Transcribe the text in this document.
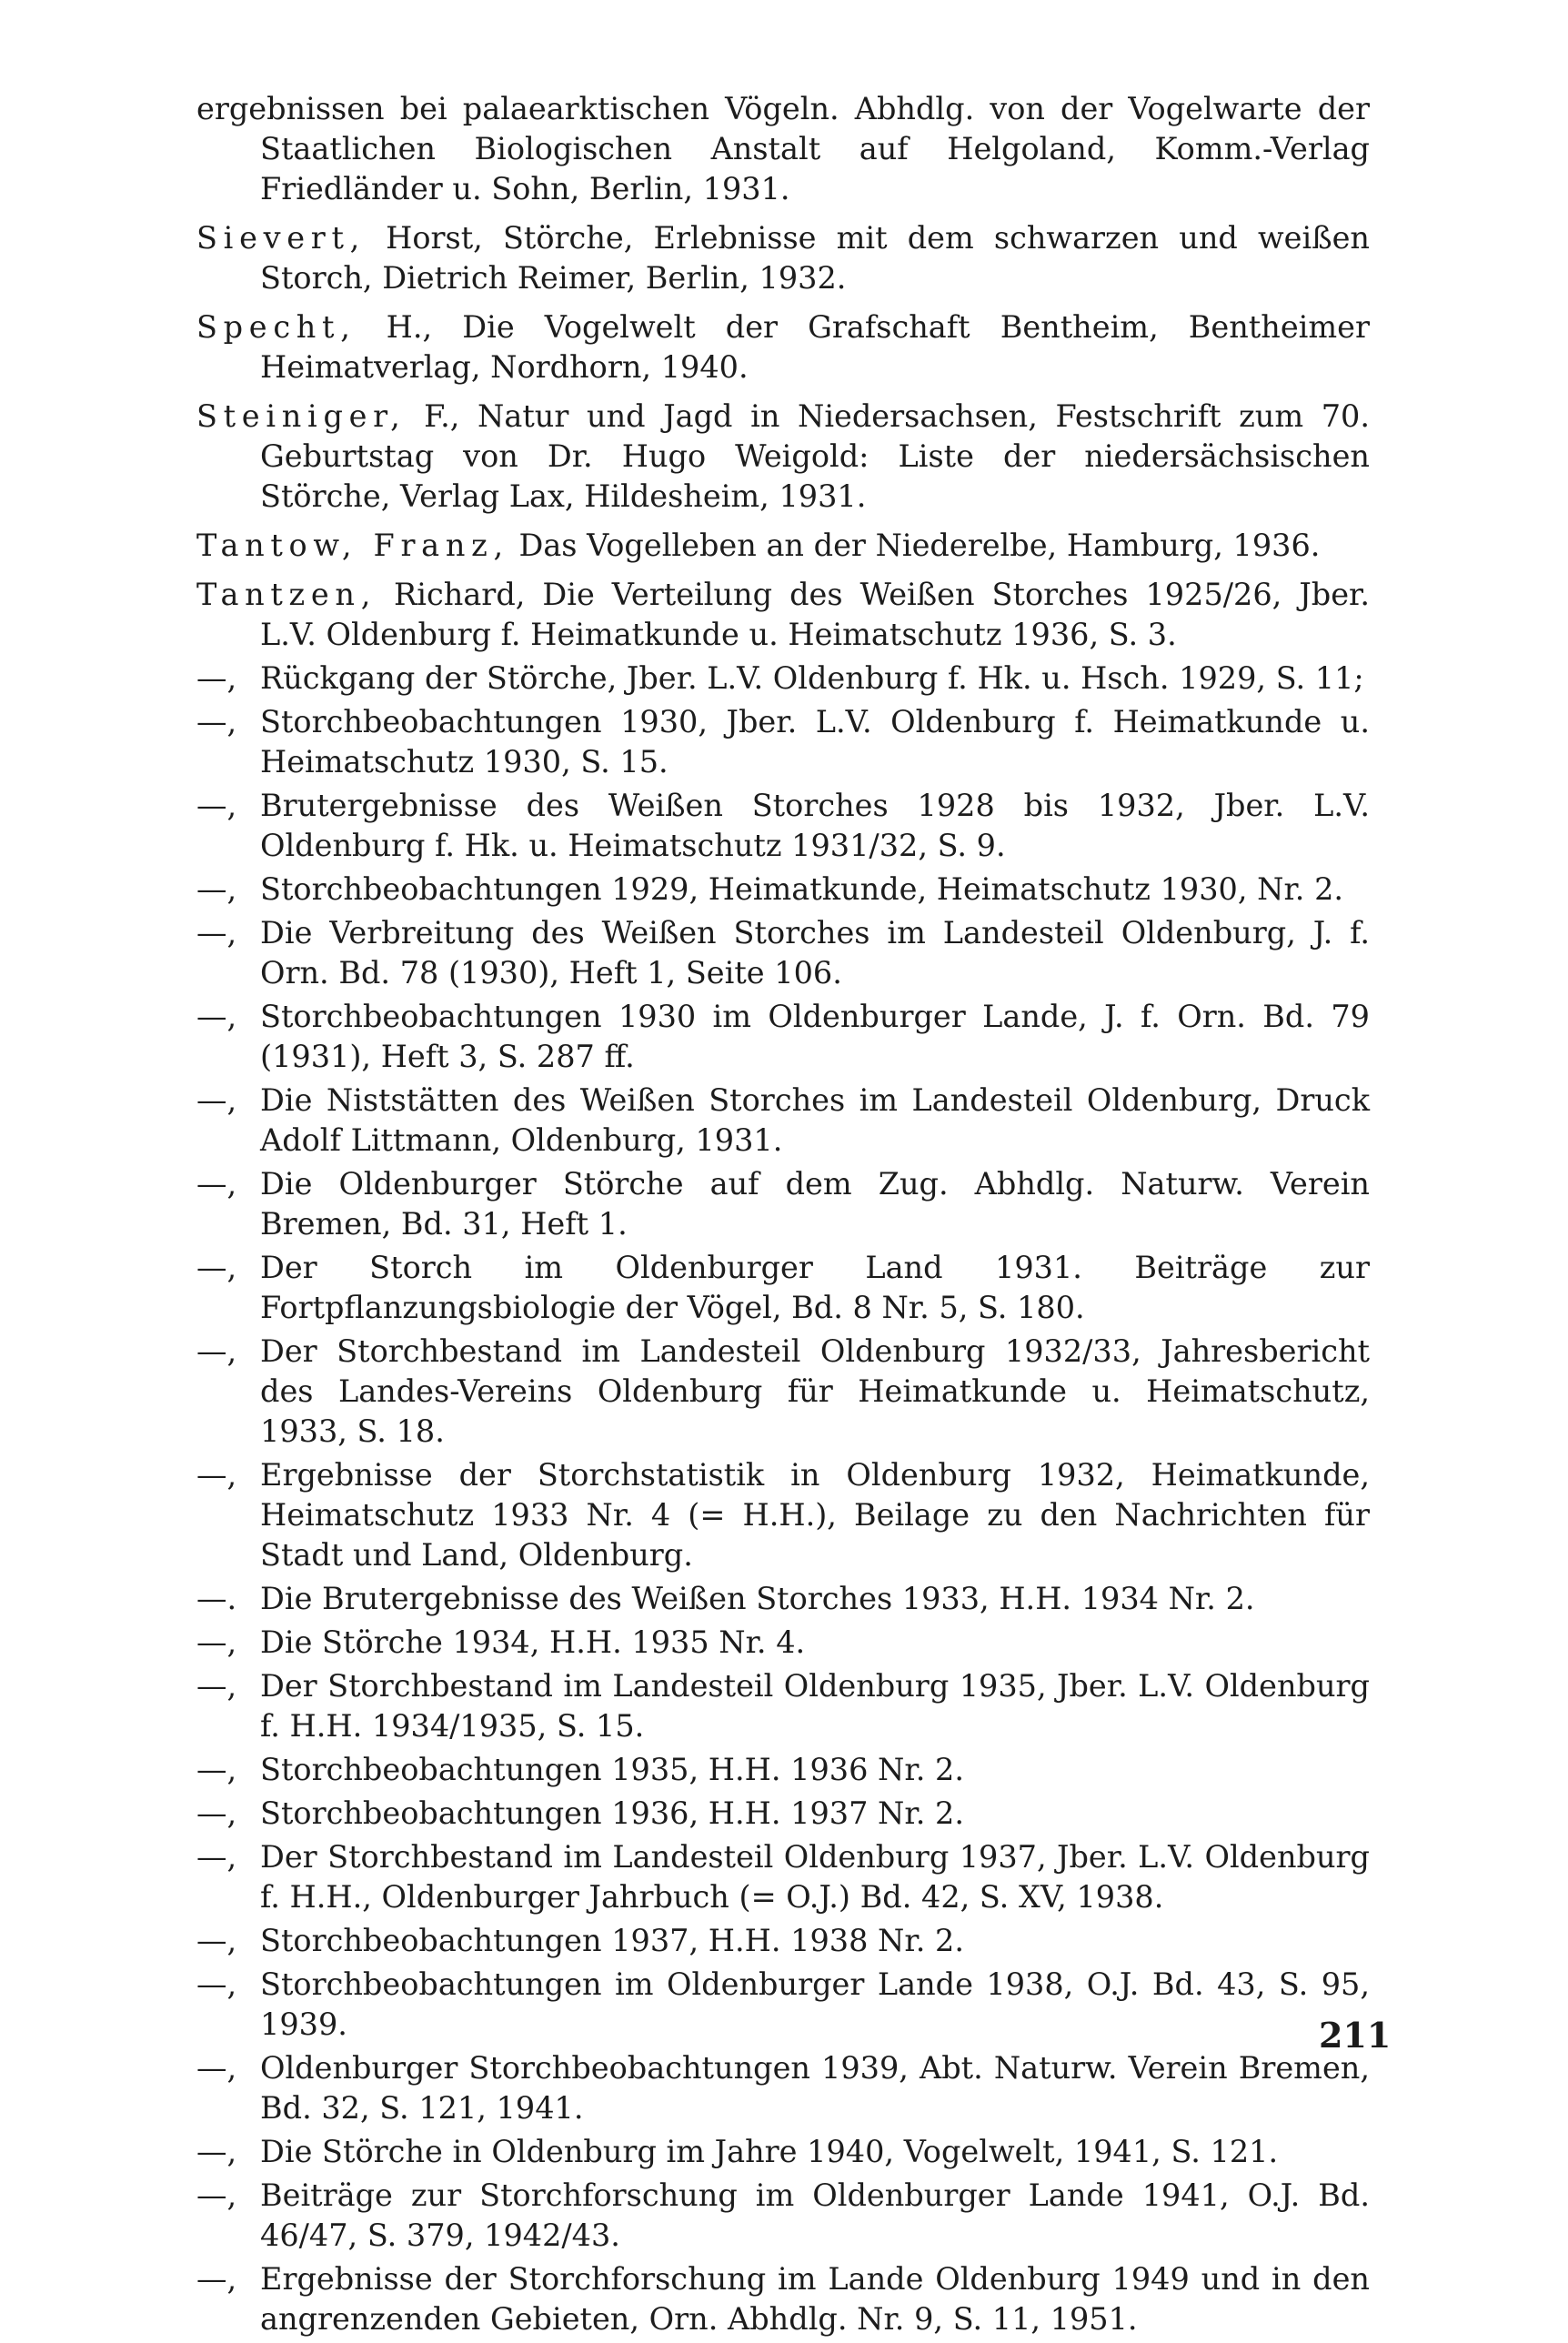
ergebnissen bei palaearktischen Vögeln. Abhdlg. von der Vogelwarte der Staatlichen Biologischen Anstalt auf Helgoland, Komm.-Verlag Friedländer u. Sohn, Berlin, 1931.

Sievert, Horst, Störche, Erlebnisse mit dem schwarzen und weißen Storch, Dietrich Reimer, Berlin, 1932.

Specht, H., Die Vogelwelt der Grafschaft Bentheim, Bentheimer Heimatverlag, Nordhorn, 1940.

Steiniger, F., Natur und Jagd in Niedersachsen, Festschrift zum 70. Geburtstag von Dr. Hugo Weigold: Liste der niedersächsischen Störche, Verlag Lax, Hildesheim, 1931.

Tantow, Franz, Das Vogelleben an der Niederelbe, Hamburg, 1936.

Tantzen, Richard, Die Verteilung des Weißen Storches 1925/26, Jber. L.V. Oldenburg f. Heimatkunde u. Heimatschutz 1936, S. 3.

—, Rückgang der Störche, Jber. L.V. Oldenburg f. Hk. u. Hsch. 1929, S. 11;

—, Storchbeobachtungen 1930, Jber. L.V. Oldenburg f. Heimatkunde u. Heimatschutz 1930, S. 15.

—, Brutergebnisse des Weißen Storches 1928 bis 1932, Jber. L.V. Oldenburg f. Hk. u. Heimatschutz 1931/32, S. 9.

—, Storchbeobachtungen 1929, Heimatkunde, Heimatschutz 1930, Nr. 2.

—, Die Verbreitung des Weißen Storches im Landesteil Oldenburg, J. f. Orn. Bd. 78 (1930), Heft 1, Seite 106.

—, Storchbeobachtungen 1930 im Oldenburger Lande, J. f. Orn. Bd. 79 (1931), Heft 3, S. 287 ff.

—, Die Niststätten des Weißen Storches im Landesteil Oldenburg, Druck Adolf Littmann, Oldenburg, 1931.

—, Die Oldenburger Störche auf dem Zug. Abhdlg. Naturw. Verein Bremen, Bd. 31, Heft 1.

—, Der Storch im Oldenburger Land 1931. Beiträge zur Fortpflanzungsbiologie der Vögel, Bd. 8 Nr. 5, S. 180.

—, Der Storchbestand im Landesteil Oldenburg 1932/33, Jahresbericht des Landes-Vereins Oldenburg für Heimatkunde u. Heimatschutz, 1933, S. 18.

—, Ergebnisse der Storchstatistik in Oldenburg 1932, Heimatkunde, Heimatschutz 1933 Nr. 4 (= H.H.), Beilage zu den Nachrichten für Stadt und Land, Oldenburg.

—. Die Brutergebnisse des Weißen Storches 1933, H.H. 1934 Nr. 2.

—, Die Störche 1934, H.H. 1935 Nr. 4.

—, Der Storchbestand im Landesteil Oldenburg 1935, Jber. L.V. Oldenburg f. H.H. 1934/1935, S. 15.

—, Storchbeobachtungen 1935, H.H. 1936 Nr. 2.

—, Storchbeobachtungen 1936, H.H. 1937 Nr. 2.

—, Der Storchbestand im Landesteil Oldenburg 1937, Jber. L.V. Oldenburg f. H.H., Oldenburger Jahrbuch (= O.J.) Bd. 42, S. XV, 1938.

—, Storchbeobachtungen 1937, H.H. 1938 Nr. 2.

—, Storchbeobachtungen im Oldenburger Lande 1938, O.J. Bd. 43, S. 95, 1939.

—, Oldenburger Storchbeobachtungen 1939, Abt. Naturw. Verein Bremen, Bd. 32, S. 121, 1941.

—, Die Störche in Oldenburg im Jahre 1940, Vogelwelt, 1941, S. 121.

—, Beiträge zur Storchforschung im Oldenburger Lande 1941, O.J. Bd. 46/47, S. 379, 1942/43.

—, Ergebnisse der Storchforschung im Lande Oldenburg 1949 und in den angrenzenden Gebieten, Orn. Abhdlg. Nr. 9, S. 11, 1951.

211
